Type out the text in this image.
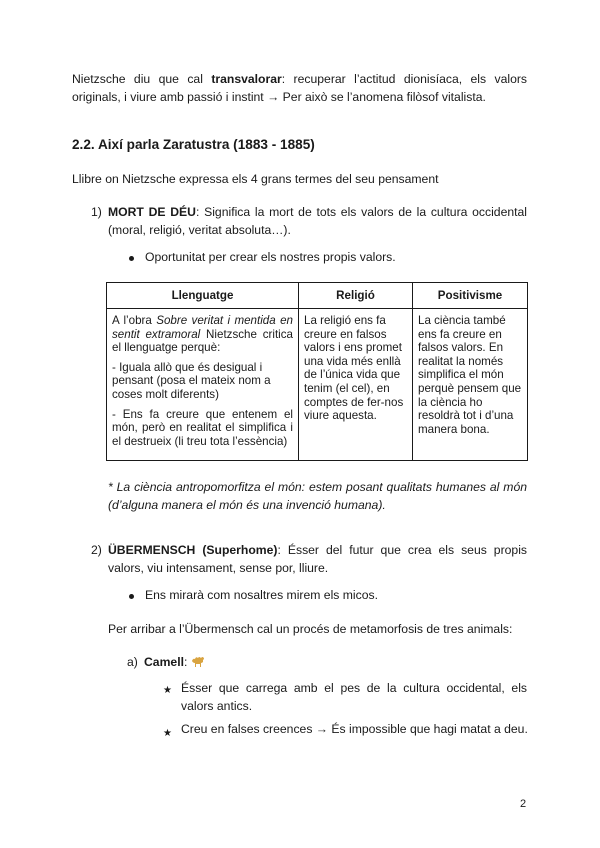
Nietzsche diu que cal transvalorar: recuperar l’actitud dionisíaca, els valors originals, i viure amb passió i instint → Per això se l’anomena filòsof vitalista.

2.2. Així parla Zaratustra (1883 - 1885)

Llibre on Nietzsche expressa els 4 grans termes del seu pensament

1) MORT DE DÉU: Significa la mort de tots els valors de la cultura occidental (moral, religió, veritat absoluta…).

Oportunitat per crear els nostres propis valors.

Llenguatge	Religió	Positivisme

A l’obra Sobre veritat i mentida en sentit extramoral Nietzsche critica el llenguatge perquè:

- Iguala allò que és desigual i pensant (posa el mateix nom a coses molt diferents)

- Ens fa creure que entenem el món, però en realitat el simplifica i el destrueix (li treu tota l’essència)	La religió ens fa creure en falsos valors i ens promet una vida més enllà de l’única vida que tenim (el cel), en comptes de fer-nos viure aquesta.	La ciència també ens fa creure en falsos valors. En realitat la només simplifica el món perquè pensem que la ciència ho resoldrà tot i d’una manera bona.

* La ciència antropomorfitza el món: estem posant qualitats humanes al món (d’alguna manera el món és una invenció humana).

2) ÜBERMENSCH (Superhome): Ésser del futur que crea els seus propis valors, viu intensament, sense por, lliure.

Ens mirarà com nosaltres mirem els micos.

Per arribar a l’Übermensch cal un procés de metamorfosis de tres animals:

a) Camell:

★ Ésser que carrega amb el pes de la cultura occidental, els valors antics.

★ Creu en falses creences → És impossible que hagi matat a deu.

2
